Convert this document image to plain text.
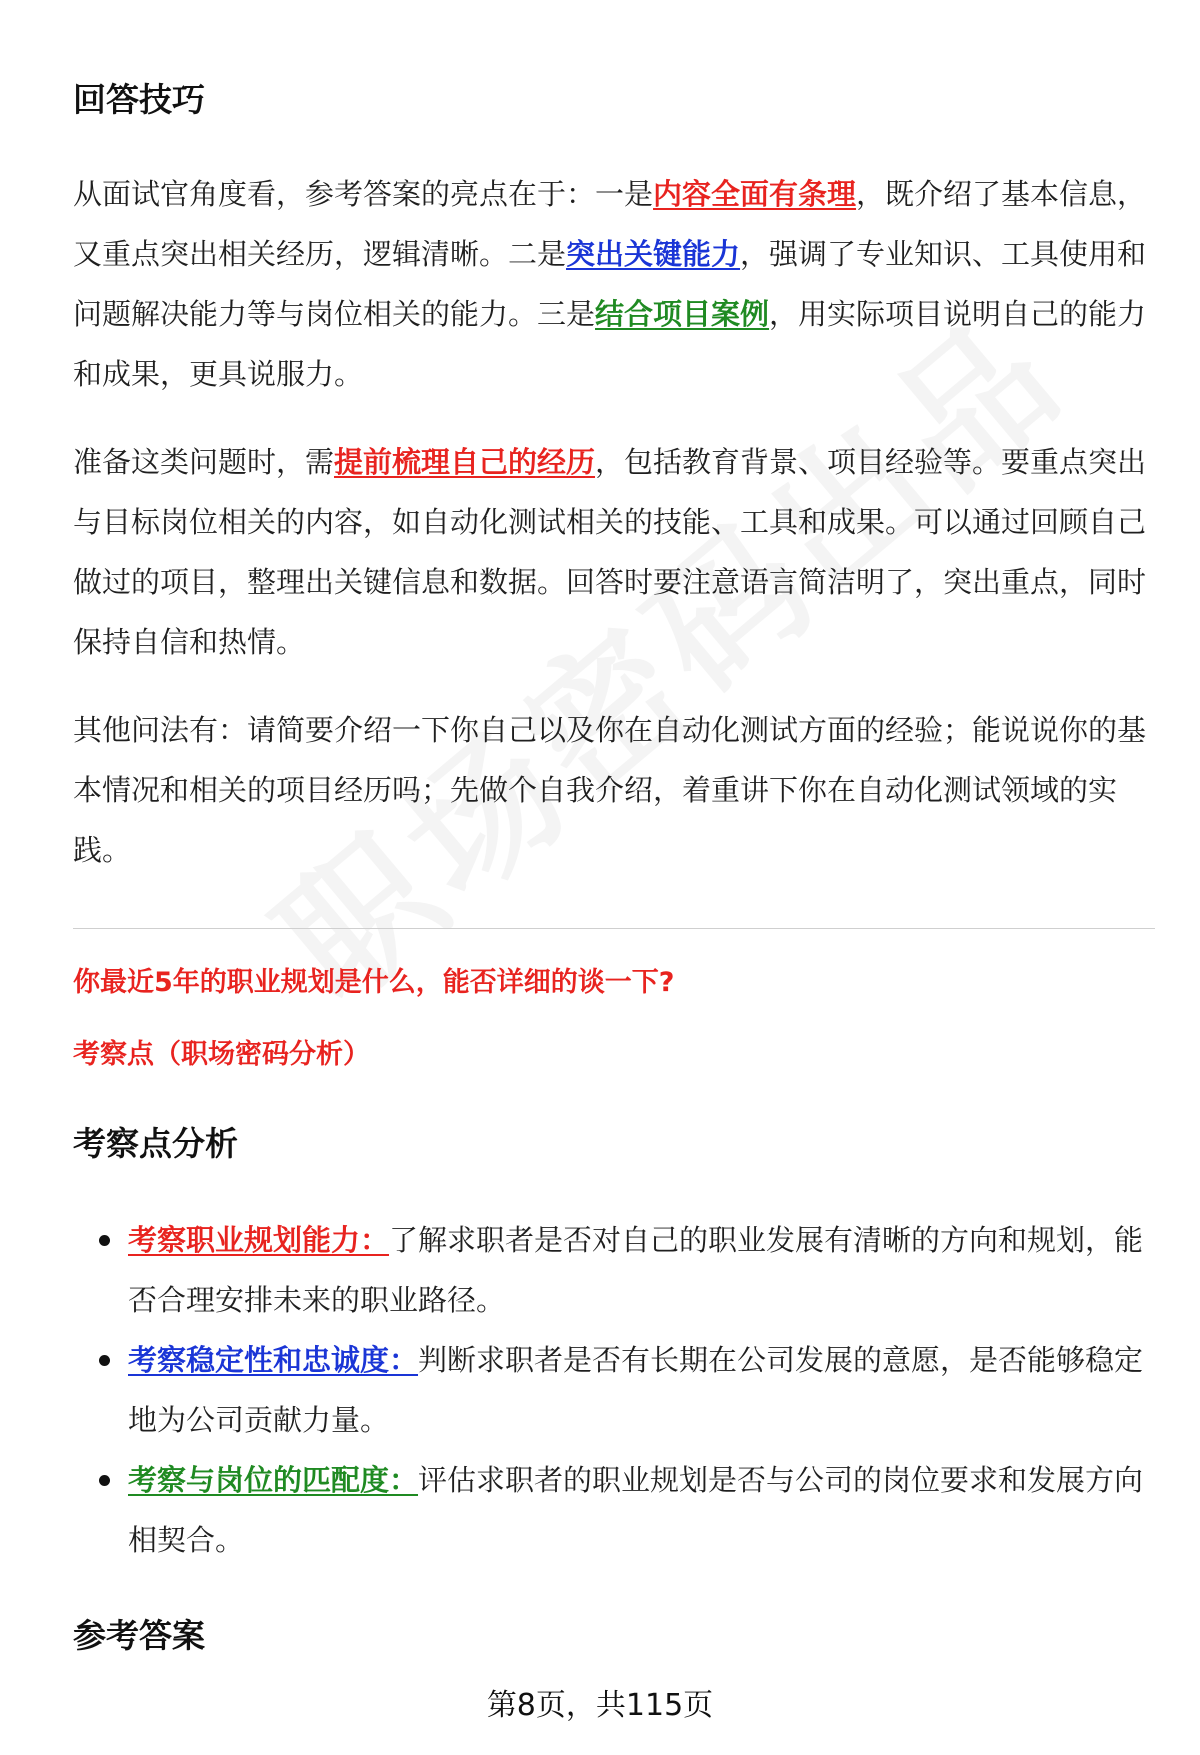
回答技巧

从面试官角度看，参考答案的亮点在于：一是内容全面有条理，既介绍了基本信息，又重点突出相关经历，逻辑清晰。二是突出关键能力，强调了专业知识、工具使用和问题解决能力等与岗位相关的能力。三是结合项目案例，用实际项目说明自己的能力和成果，更具说服力。

准备这类问题时，需提前梳理自己的经历，包括教育背景、项目经验等。要重点突出与目标岗位相关的内容，如自动化测试相关的技能、工具和成果。可以通过回顾自己做过的项目，整理出关键信息和数据。回答时要注意语言简洁明了，突出重点，同时保持自信和热情。

其他问法有：请简要介绍一下你自己以及你在自动化测试方面的经验；能说说你的基本情况和相关的项目经历吗；先做个自我介绍，着重讲下你在自动化测试领域的实践。

你最近5年的职业规划是什么，能否详细的谈一下?

考察点（职场密码分析）

考察点分析
考察职业规划能力：了解求职者是否对自己的职业发展有清晰的方向和规划，能否合理安排未来的职业路径。
考察稳定性和忠诚度：判断求职者是否有长期在公司发展的意愿，是否能够稳定地为公司贡献力量。
考察与岗位的匹配度：评估求职者的职业规划是否与公司的岗位要求和发展方向相契合。
参考答案
第8页，共115页
